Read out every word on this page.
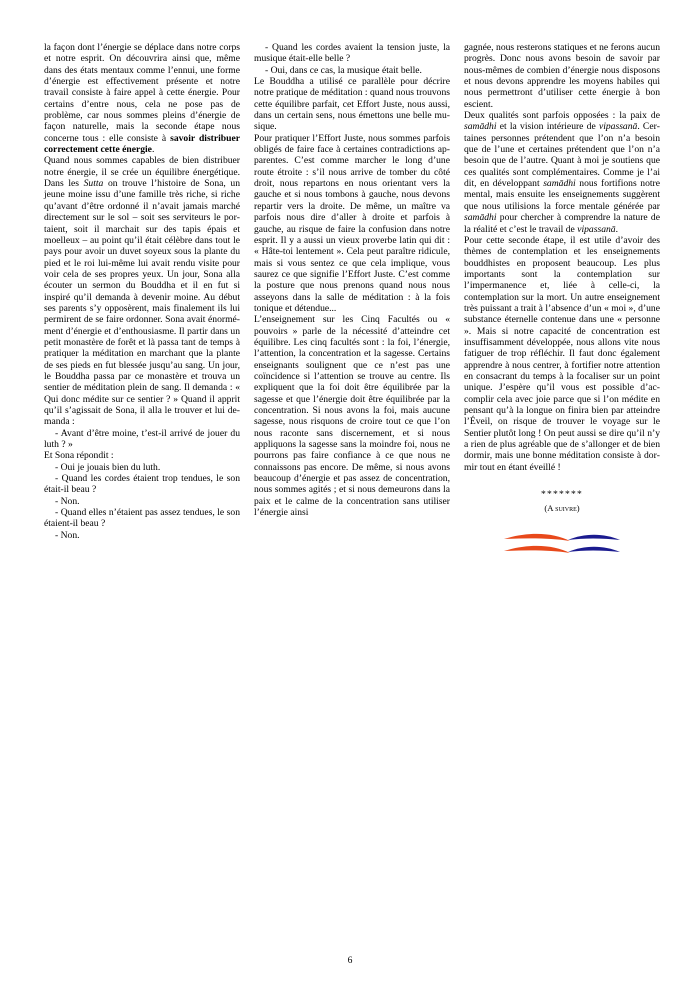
la façon dont l’énergie se déplace dans notre corps et notre esprit. On découvrira ainsi que, même dans des états mentaux comme l’ennui, une forme d’énergie est effectivement présente et notre travail consiste à faire appel à cette énergie. Pour certains d’entre nous, cela ne pose pas de problème, car nous sommes pleins d’énergie de façon naturelle, mais la seconde étape nous concerne tous : elle consiste à savoir distribuer correctement cette énergie.

Quand nous sommes capables de bien distribuer notre énergie, il se crée un équilibre énergétique. Dans les Sutta on trouve l’histoire de Sona, un jeune moine issu d’une famille très riche, si riche qu’avant d’être ordonné il n’avait jamais marché directement sur le sol – soit ses serviteurs le portaient, soit il marchait sur des tapis épais et moelleux – au point qu’il était célèbre dans tout le pays pour avoir un duvet soyeux sous la plante du pied et le roi lui-même lui avait rendu visite pour voir cela de ses propres yeux. Un jour, Sona alla écouter un sermon du Bouddha et il en fut si inspiré qu’il demanda à devenir moine. Au début ses parents s’y opposèrent, mais finalement ils lui permirent de se faire ordonner. Sona avait énormément d’énergie et d’enthousiasme. Il partir dans un petit monastère de forêt et là passa tant de temps à pratiquer la méditation en marchant que la plante de ses pieds en fut blessée jusqu’au sang. Un jour, le Bouddha passa par ce monastère et trouva un sentier de méditation plein de sang. Il demanda : « Qui donc médite sur ce sentier ? » Quand il apprit qu’il s’agissait de Sona, il alla le trouver et lui demanda :

- Avant d’être moine, t’est-il arrivé de jouer du luth ? »

Et Sona répondit :

- Oui je jouais bien du luth.

- Quand les cordes étaient trop tendues, le son était-il beau ?

- Non.

- Quand elles n’étaient pas assez tendues, le son étaient-il beau ?

- Non.

- Quand les cordes avaient la tension juste, la musique était-elle belle ?

- Oui, dans ce cas, la musique était belle.

Le Bouddha a utilisé ce parallèle pour décrire notre pratique de méditation : quand nous trouvons cette équilibre parfait, cet Effort Juste, nous aussi, dans un certain sens, nous émettons une belle musique.

Pour pratiquer l’Effort Juste, nous sommes parfois obligés de faire face à certaines contradictions apparentes. C’est comme marcher le long d’une route étroite : s’il nous arrive de tomber du côté droit, nous repartons en nous orientant vers la gauche et si nous tombons à gauche, nous devons repartir vers la droite. De même, un maître va parfois nous dire d’aller à droite et parfois à gauche, au risque de faire la confusion dans notre esprit. Il y a aussi un vieux proverbe latin qui dit : « Hâte-toi lentement ». Cela peut paraître ridicule, mais si vous sentez ce que cela implique, vous saurez ce que signifie l’Effort Juste. C’est comme la posture que nous prenons quand nous nous asseyons dans la salle de méditation : à la fois tonique et détendue...

L’enseignement sur les Cinq Facultés ou « pouvoirs » parle de la nécessité d’atteindre cet équilibre. Les cinq facultés sont : la foi, l’énergie, l’attention, la concentration et la sagesse. Certains enseignants soulignent que ce n’est pas une coïncidence si l’attention se trouve au centre. Ils expliquent que la foi doit être équilibrée par la sagesse et que l’énergie doit être équilibrée par la concentration. Si nous avons la foi, mais aucune sagesse, nous risquons de croire tout ce que l’on nous raconte sans discernement, et si nous appliquons la sagesse sans la moindre foi, nous ne pourrons pas faire confiance à ce que nous ne connaissons pas encore. De même, si nous avons beaucoup d’énergie et pas assez de concentration, nous sommes agités ; et si nous demeurons dans la paix et le calme de la concentration sans utiliser l’énergie ainsi

gagnée, nous resterons statiques et ne ferons aucun progrès. Donc nous avons besoin de savoir par nous-mêmes de combien d’énergie nous disposons et nous devons apprendre les moyens habiles qui nous permettront d’utiliser cette énergie à bon escient.

Deux qualités sont parfois opposées : la paix de samādhi et la vision intérieure de vipassanā. Certaines personnes prétendent que l’on n’a besoin que de l’une et certaines prétendent que l’on n’a besoin que de l’autre. Quant à moi je soutiens que ces qualités sont complémentaires. Comme je l’ai dit, en développant samādhi nous fortifions notre mental, mais ensuite les enseignements suggèrent que nous utilisions la force mentale générée par samādhi pour chercher à comprendre la nature de la réalité et c’est le travail de vipassanā.

Pour cette seconde étape, il est utile d’avoir des thèmes de contemplation et les enseignements bouddhistes en proposent beaucoup. Les plus importants sont la contemplation sur l’impermanence et, liée à celle-ci, la contemplation sur la mort. Un autre enseignement très puissant a trait à l’absence d’un « moi », d’une substance éternelle contenue dans une « personne ». Mais si notre capacité de concentration est insuffisamment développée, nous allons vite nous fatiguer de trop réfléchir. Il faut donc également apprendre à nous centrer, à fortifier notre attention en consacrant du temps à la focaliser sur un point unique. J’espère qu’il vous est possible d’accomplir cela avec joie parce que si l’on médite en pensant qu’à la longue on finira bien par atteindre l’Éveil, on risque de trouver le voyage sur le Sentier plutôt long ! On peut aussi se dire qu’il n’y a rien de plus agréable que de s’allonger et de bien dormir, mais une bonne méditation consiste à dormir tout en étant éveillé !

*******
(A suivre)
6
